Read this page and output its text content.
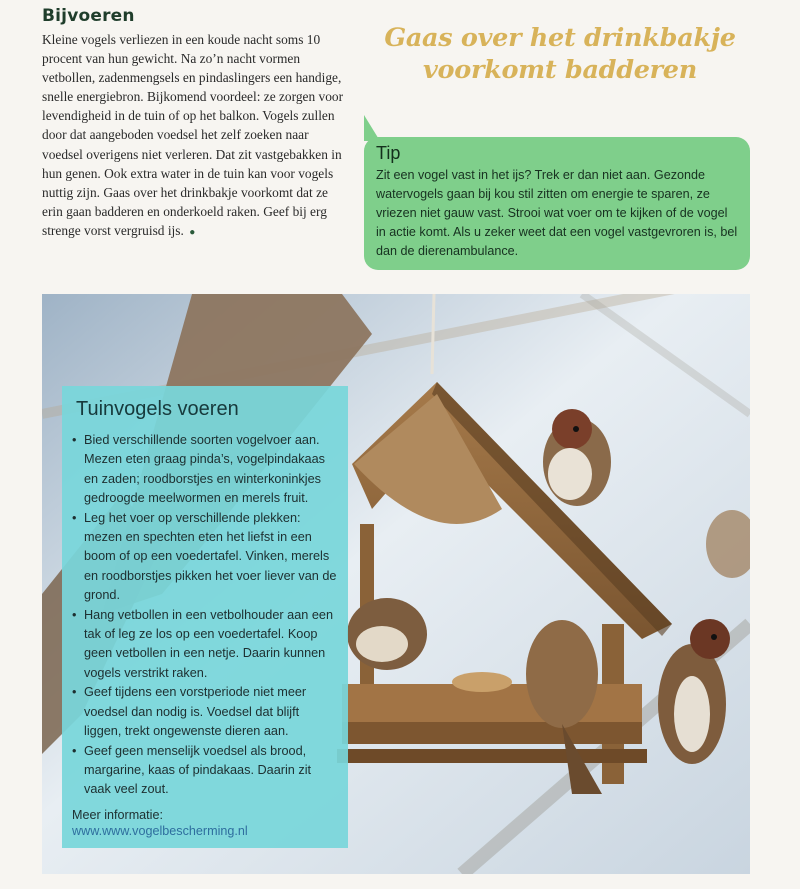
Bijvoeren

Kleine vogels verliezen in een koude nacht soms 10 procent van hun gewicht. Na zo’n nacht vormen vetbollen, zadenmengsels en pindaslingers een handige, snelle energiebron. Bijkomend voordeel: ze zorgen voor levendigheid in de tuin of op het balkon. Vogels zullen door dat aangeboden voedsel het zelf zoeken naar voedsel overigens niet verleren. Dat zit vastgebakken in hun genen. Ook extra water in de tuin kan voor vogels nuttig zijn. Gaas over het drinkbakje voorkomt dat ze erin gaan badderen en onderkoeld raken. Geef bij erg strenge vorst vergruisd ijs. ●

Gaas over het drinkbakje voorkomt badderen
Tip

Zit een vogel vast in het ijs? Trek er dan niet aan. Gezonde watervogels gaan bij kou stil zitten om energie te sparen, ze vriezen niet gauw vast. Strooi wat voer om te kijken of de vogel in actie komt. Als u zeker weet dat een vogel vastgevroren is, bel dan de dierenambulance.

Tuinvogels voeren
• Bied verschillende soorten vogelvoer aan. Mezen eten graag pinda’s, vogelpindakaas en zaden; roodborstjes en winterkoninkjes gedroogde meelwormen en merels fruit.
• Leg het voer op verschillende plekken: mezen en spechten eten het liefst in een boom of op een voedertafel. Vinken, merels en roodborstjes pikken het voer liever van de grond.
• Hang vetbollen in een vetbolhouder aan een tak of leg ze los op een voedertafel. Koop geen vetbollen in een netje. Daarin kunnen vogels verstrikt raken.
• Geef tijdens een vorstperiode niet meer voedsel dan nodig is. Voedsel dat blijft liggen, trekt ongewenste dieren aan.
• Geef geen menselijk voedsel als brood, margarine, kaas of pindakaas. Daarin zit vaak veel zout.
Meer informatie:
www.www.vogelbescherming.nl
